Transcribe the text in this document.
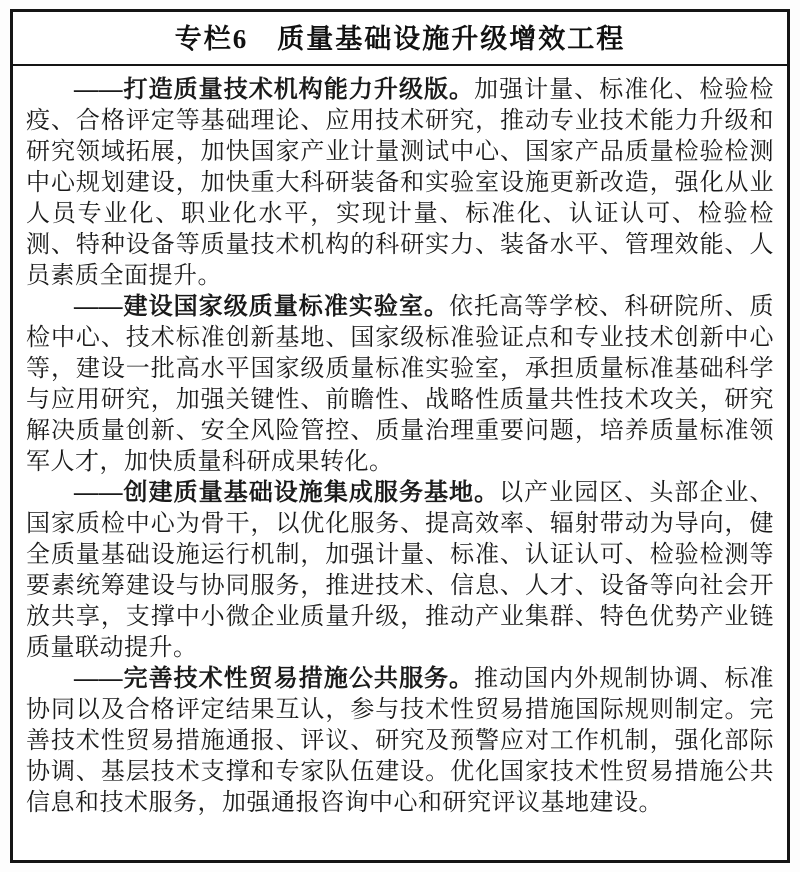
专栏6　质量基础设施升级增效工程

——打造质量技术机构能力升级版。加强计量、标准化、检验检疫、合格评定等基础理论、应用技术研究，推动专业技术能力升级和研究领域拓展，加快国家产业计量测试中心、国家产品质量检验检测中心规划建设，加快重大科研装备和实验室设施更新改造，强化从业人员专业化、职业化水平，实现计量、标准化、认证认可、检验检测、特种设备等质量技术机构的科研实力、装备水平、管理效能、人员素质全面提升。

——建设国家级质量标准实验室。依托高等学校、科研院所、质检中心、技术标准创新基地、国家级标准验证点和专业技术创新中心等，建设一批高水平国家级质量标准实验室，承担质量标准基础科学与应用研究，加强关键性、前瞻性、战略性质量共性技术攻关，研究解决质量创新、安全风险管控、质量治理重要问题，培养质量标准领军人才，加快质量科研成果转化。

——创建质量基础设施集成服务基地。以产业园区、头部企业、国家质检中心为骨干，以优化服务、提高效率、辐射带动为导向，健全质量基础设施运行机制，加强计量、标准、认证认可、检验检测等要素统筹建设与协同服务，推进技术、信息、人才、设备等向社会开放共享，支撑中小微企业质量升级，推动产业集群、特色优势产业链质量联动提升。

——完善技术性贸易措施公共服务。推动国内外规制协调、标准协同以及合格评定结果互认，参与技术性贸易措施国际规则制定。完善技术性贸易措施通报、评议、研究及预警应对工作机制，强化部际协调、基层技术支撑和专家队伍建设。优化国家技术性贸易措施公共信息和技术服务，加强通报咨询中心和研究评议基地建设。
